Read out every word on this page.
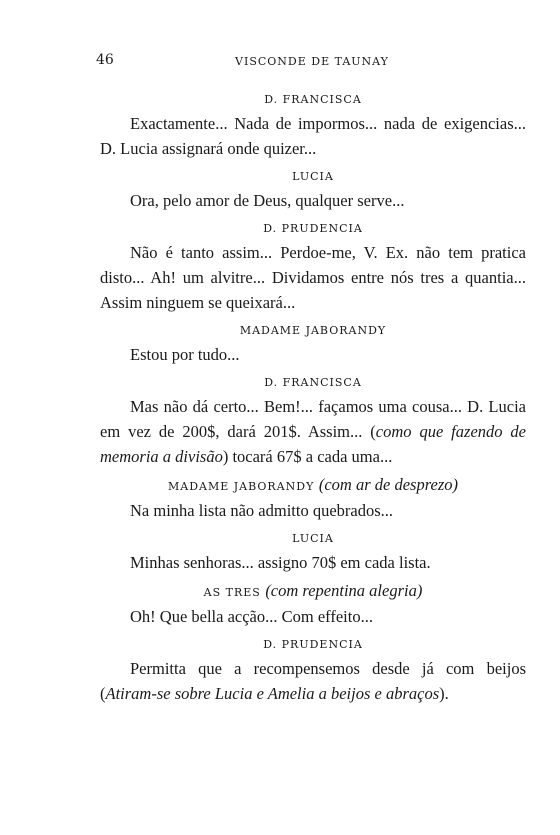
46	VISCONDE DE TAUNAY
D. FRANCISCA

Exactamente... Nada de impormos... nada de exigencias... D. Lucia assignará onde quizer...

LUCIA

Ora, pelo amor de Deus, qualquer serve...

D. PRUDENCIA

Não é tanto assim... Perdoe-me, V. Ex. não tem pratica disto... Ah! um alvitre... Dividamos entre nós tres a quantia... Assim ninguem se queixará...

MADAME JABORANDY

Estou por tudo...

D. FRANCISCA

Mas não dá certo... Bem!... façamos uma cousa... D. Lucia em vez de 200$, dará 201$. Assim... (como que fazendo de memoria a divisão) tocará 67$ a cada uma...

MADAME JABORANDY (com ar de desprezo)

Na minha lista não admitto quebrados...

LUCIA

Minhas senhoras... assigno 70$ em cada lista.

AS TRES (com repentina alegria)

Oh! Que bella acção... Com effeito...

D. PRUDENCIA

Permitta que a recompensemos desde já com beijos (Atiram-se sobre Lucia e Amelia a beijos e abraços).
